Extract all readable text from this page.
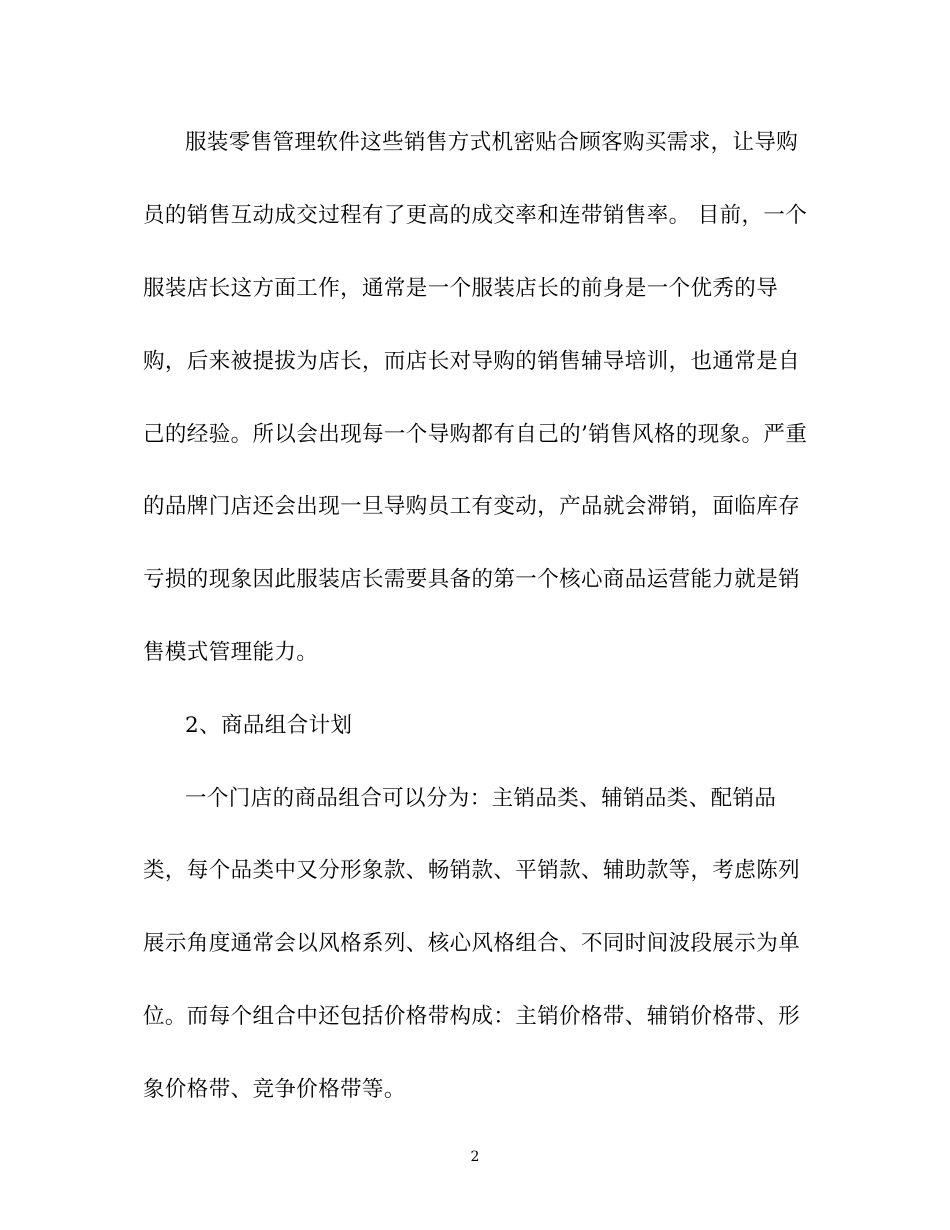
服装零售管理软件这些销售方式机密贴合顾客购买需求，让导购
员的销售互动成交过程有了更高的成交率和连带销售率。 目前，一个
服装店长这方面工作，通常是一个服装店长的前身是一个优秀的导
购，后来被提拔为店长，而店长对导购的销售辅导培训，也通常是自
己的经验。所以会出现每一个导购都有自己的’销售风格的现象。严重
的品牌门店还会出现一旦导购员工有变动，产品就会滞销，面临库存
亏损的现象因此服装店长需要具备的第一个核心商品运营能力就是销
售模式管理能力。
2、商品组合计划
一个门店的商品组合可以分为：主销品类、辅销品类、配销品
类，每个品类中又分形象款、畅销款、平销款、辅助款等，考虑陈列
展示角度通常会以风格系列、核心风格组合、不同时间波段展示为单
位。而每个组合中还包括价格带构成：主销价格带、辅销价格带、形
象价格带、竞争价格带等。
2
